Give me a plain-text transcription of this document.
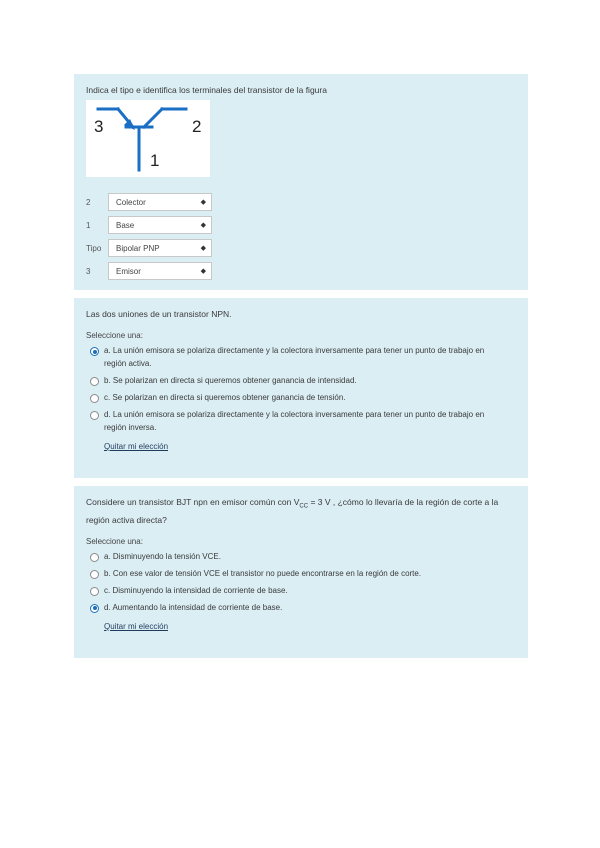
Indica el tipo e identifica los terminales del transistor de la figura
3	2
1
2	Colector	◆
1	Base	◆
Tipo	Bipolar PNP	◆
3	Emisor	◆
Las dos uniones de un transistor NPN.
Seleccione una:
a. La unión emisora se polariza directamente y la colectora inversamente para tener un punto de trabajo en región activa.
b. Se polarizan en directa si queremos obtener ganancia de intensidad.
c. Se polarizan en directa si queremos obtener ganancia de tensión.
d. La unión emisora se polariza directamente y la colectora inversamente para tener un punto de trabajo en región inversa.
Quitar mi elección
Considere un transistor BJT npn en emisor común con $V_{CC} = 3$ V , ¿cómo lo llevaría de la región de corte a la región activa directa?
Seleccione una:
a. Disminuyendo la tensión VCE.
b. Con ese valor de tensión VCE el transistor no puede encontrarse en la región de corte.
c. Disminuyendo la intensidad de corriente de base.
d. Aumentando la intensidad de corriente de base.
Quitar mi elección
